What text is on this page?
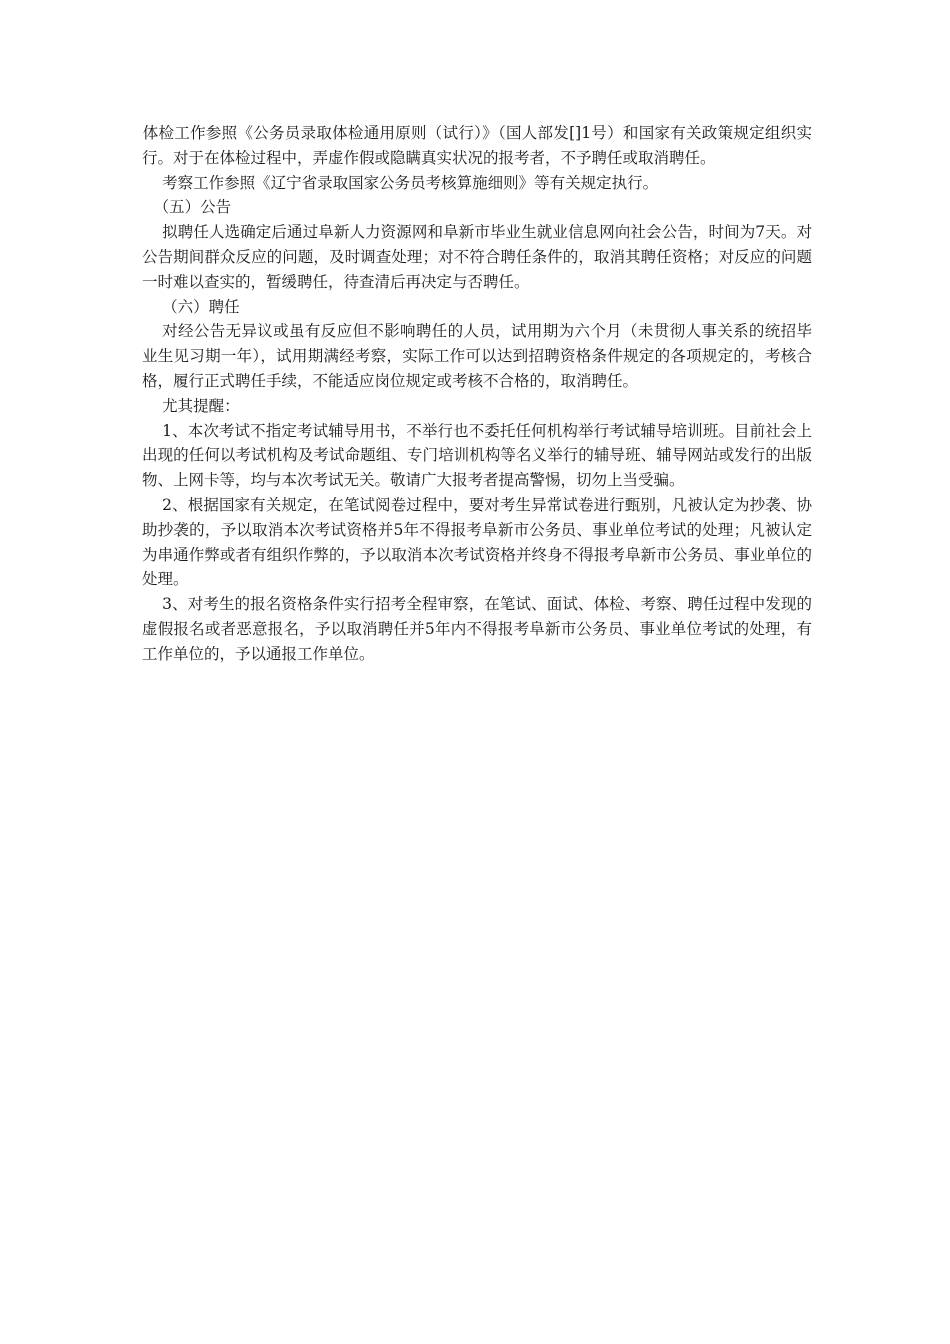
体检工作参照《公务员录取体检通用原则（试行）》（国人部发[]1号）和国家有关政策规定组织实行。对于在体检过程中，弄虚作假或隐瞒真实状况的报考者，不予聘任或取消聘任。

考察工作参照《辽宁省录取国家公务员考核算施细则》等有关规定执行。

（五）公告

拟聘任人选确定后通过阜新人力资源网和阜新市毕业生就业信息网向社会公告，时间为7天。对公告期间群众反应的问题，及时调查处理；对不符合聘任条件的，取消其聘任资格；对反应的问题一时难以查实的，暂缓聘任，待查清后再决定与否聘任。

（六）聘任

对经公告无异议或虽有反应但不影响聘任的人员，试用期为六个月（未贯彻人事关系的统招毕业生见习期一年），试用期满经考察，实际工作可以达到招聘资格条件规定的各项规定的，考核合格，履行正式聘任手续，不能适应岗位规定或考核不合格的，取消聘任。

尤其提醒：

1、本次考试不指定考试辅导用书，不举行也不委托任何机构举行考试辅导培训班。目前社会上出现的任何以考试机构及考试命题组、专门培训机构等名义举行的辅导班、辅导网站或发行的出版物、上网卡等，均与本次考试无关。敬请广大报考者提高警惕，切勿上当受骗。

2、根据国家有关规定，在笔试阅卷过程中，要对考生异常试卷进行甄别，凡被认定为抄袭、协助抄袭的，予以取消本次考试资格并5年不得报考阜新市公务员、事业单位考试的处理；凡被认定为串通作弊或者有组织作弊的，予以取消本次考试资格并终身不得报考阜新市公务员、事业单位的处理。

3、对考生的报名资格条件实行招考全程审察，在笔试、面试、体检、考察、聘任过程中发现的虚假报名或者恶意报名，予以取消聘任并5年内不得报考阜新市公务员、事业单位考试的处理，有工作单位的，予以通报工作单位。
